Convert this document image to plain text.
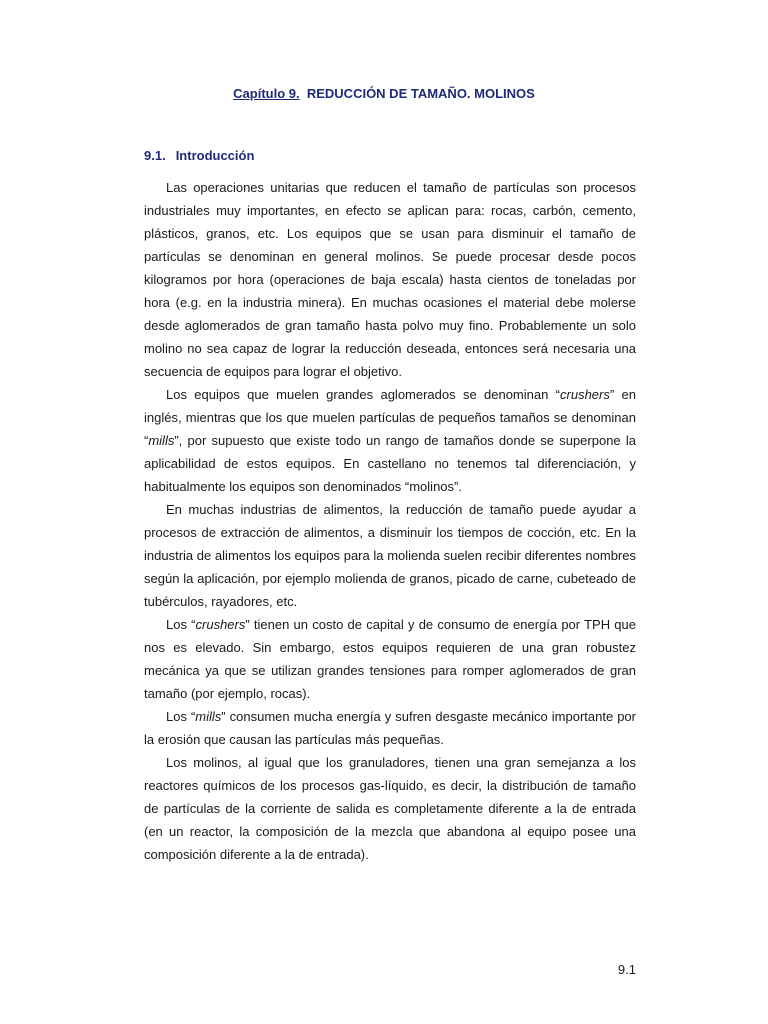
Capítulo 9. REDUCCIÓN DE TAMAÑO. MOLINOS
9.1. Introducción

Las operaciones unitarias que reducen el tamaño de partículas son procesos industriales muy importantes, en efecto se aplican para: rocas, carbón, cemento, plásticos, granos, etc. Los equipos que se usan para disminuir el tamaño de partículas se denominan en general molinos. Se puede procesar desde pocos kilogramos por hora (operaciones de baja escala) hasta cientos de toneladas por hora (e.g. en la industria minera). En muchas ocasiones el material debe molerse desde aglomerados de gran tamaño hasta polvo muy fino. Probablemente un solo molino no sea capaz de lograr la reducción deseada, entonces será necesaria una secuencia de equipos para lograr el objetivo.

Los equipos que muelen grandes aglomerados se denominan “crushers” en inglés, mientras que los que muelen partículas de pequeños tamaños se denominan “mills”, por supuesto que existe todo un rango de tamaños donde se superpone la aplicabilidad de estos equipos. En castellano no tenemos tal diferenciación, y habitualmente los equipos son denominados “molinos”.

En muchas industrias de alimentos, la reducción de tamaño puede ayudar a procesos de extracción de alimentos, a disminuir los tiempos de cocción, etc. En la industria de alimentos los equipos para la molienda suelen recibir diferentes nombres según la aplicación, por ejemplo molienda de granos, picado de carne, cubeteado de tubérculos, rayadores, etc.

Los “crushers” tienen un costo de capital y de consumo de energía por TPH que nos es elevado. Sin embargo, estos equipos requieren de una gran robustez mecánica ya que se utilizan grandes tensiones para romper aglomerados de gran tamaño (por ejemplo, rocas).

Los “mills” consumen mucha energía y sufren desgaste mecánico importante por la erosión que causan las partículas más pequeñas.

Los molinos, al igual que los granuladores, tienen una gran semejanza a los reactores químicos de los procesos gas-líquido, es decir, la distribución de tamaño de partículas de la corriente de salida es completamente diferente a la de entrada (en un reactor, la composición de la mezcla que abandona al equipo posee una composición diferente a la de entrada).

9.1
